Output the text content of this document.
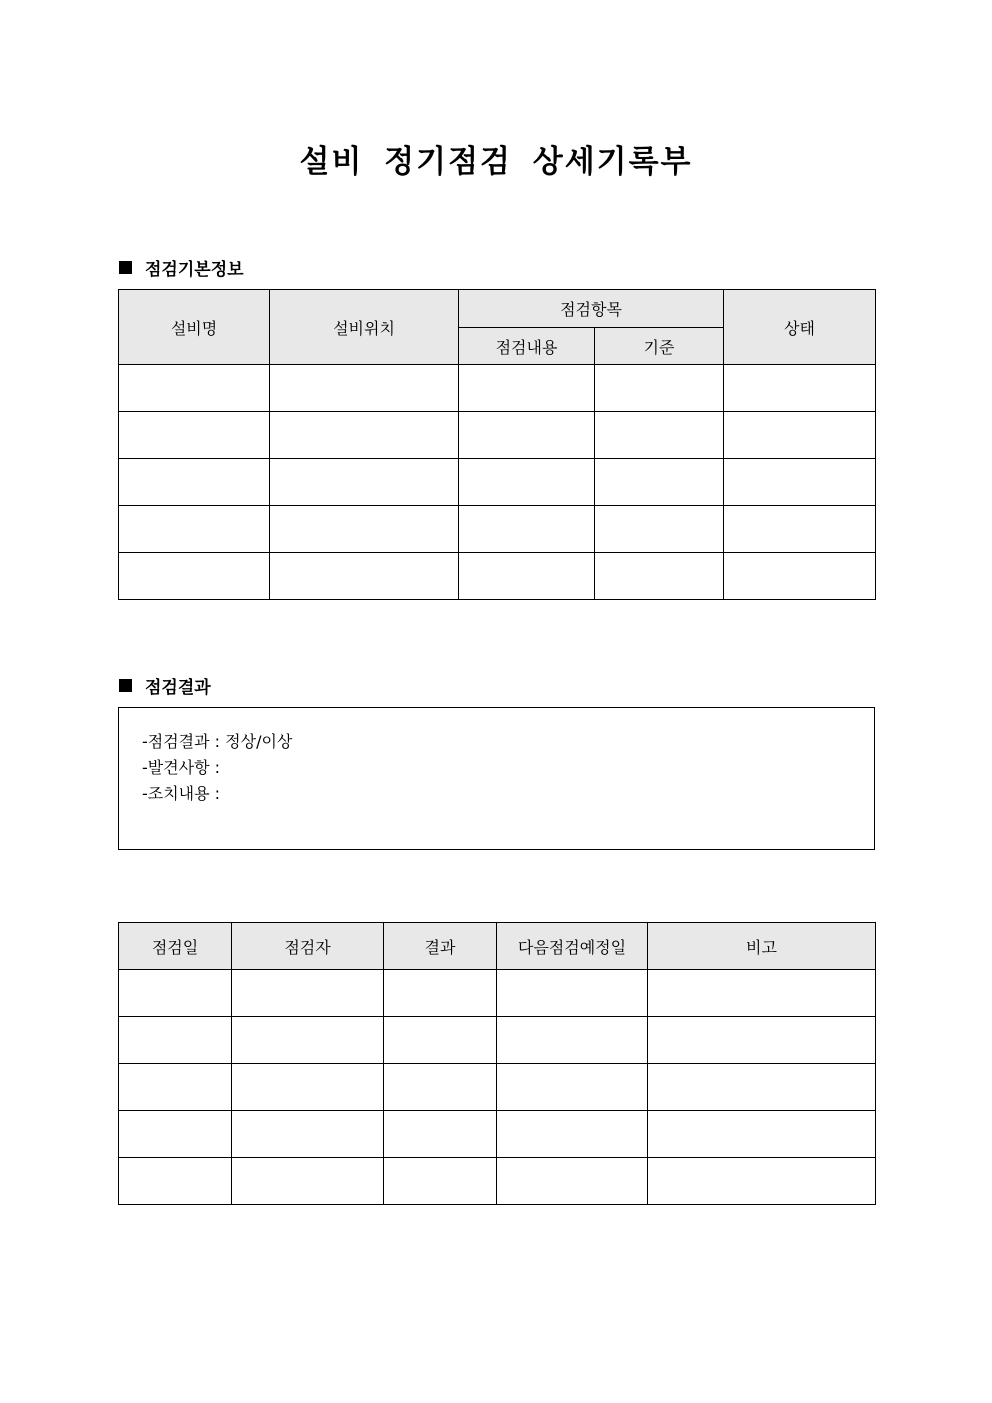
설비 정기점검 상세기록부
점검기본정보
설비명	설비위치	점검항목		상태
		점검내용	기준	

점검결과
-점검결과 : 정상/이상
-발견사항 :
-조치내용 :
점검일	점검자	결과	다음점검예정일	비고
